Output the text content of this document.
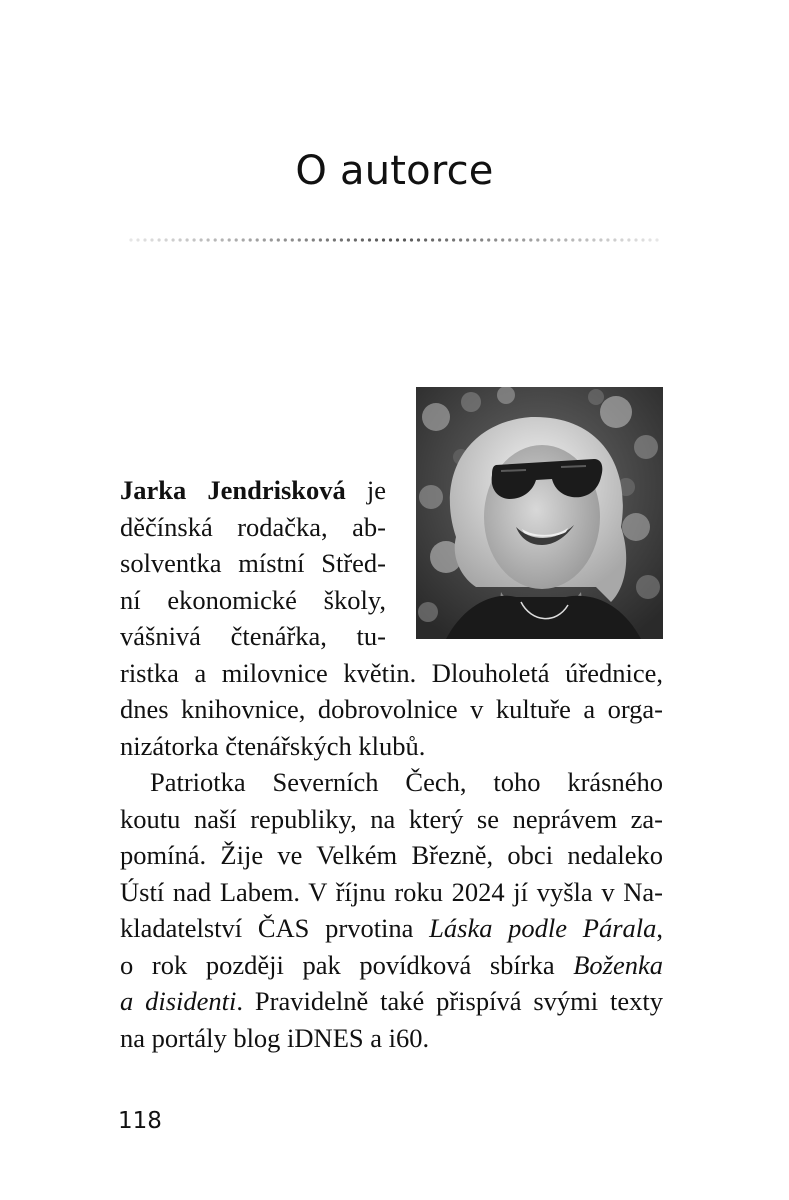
O autorce
Jarka Jendrisková je
děčínská rodačka, ab-
solventka místní Střed-
ní ekonomické školy,
vášnivá čtenářka, tu-
ristka a milovnice květin. Dlouholetá úřednice,
dnes knihovnice, dobrovolnice v kultuře a orga-
nizátorka čtenářských klubů.
Patriotka Severních Čech, toho krásného
koutu naší republiky, na který se neprávem za-
pomíná. Žije ve Velkém Březně, obci nedaleko
Ústí nad Labem. V říjnu roku 2024 jí vyšla v Na-
kladatelství ČAS prvotina Láska podle Párala,
o rok později pak povídková sbírka Boženka
a disidenti. Pravidelně také přispívá svými texty
na portály blog iDNES a i60.
118
